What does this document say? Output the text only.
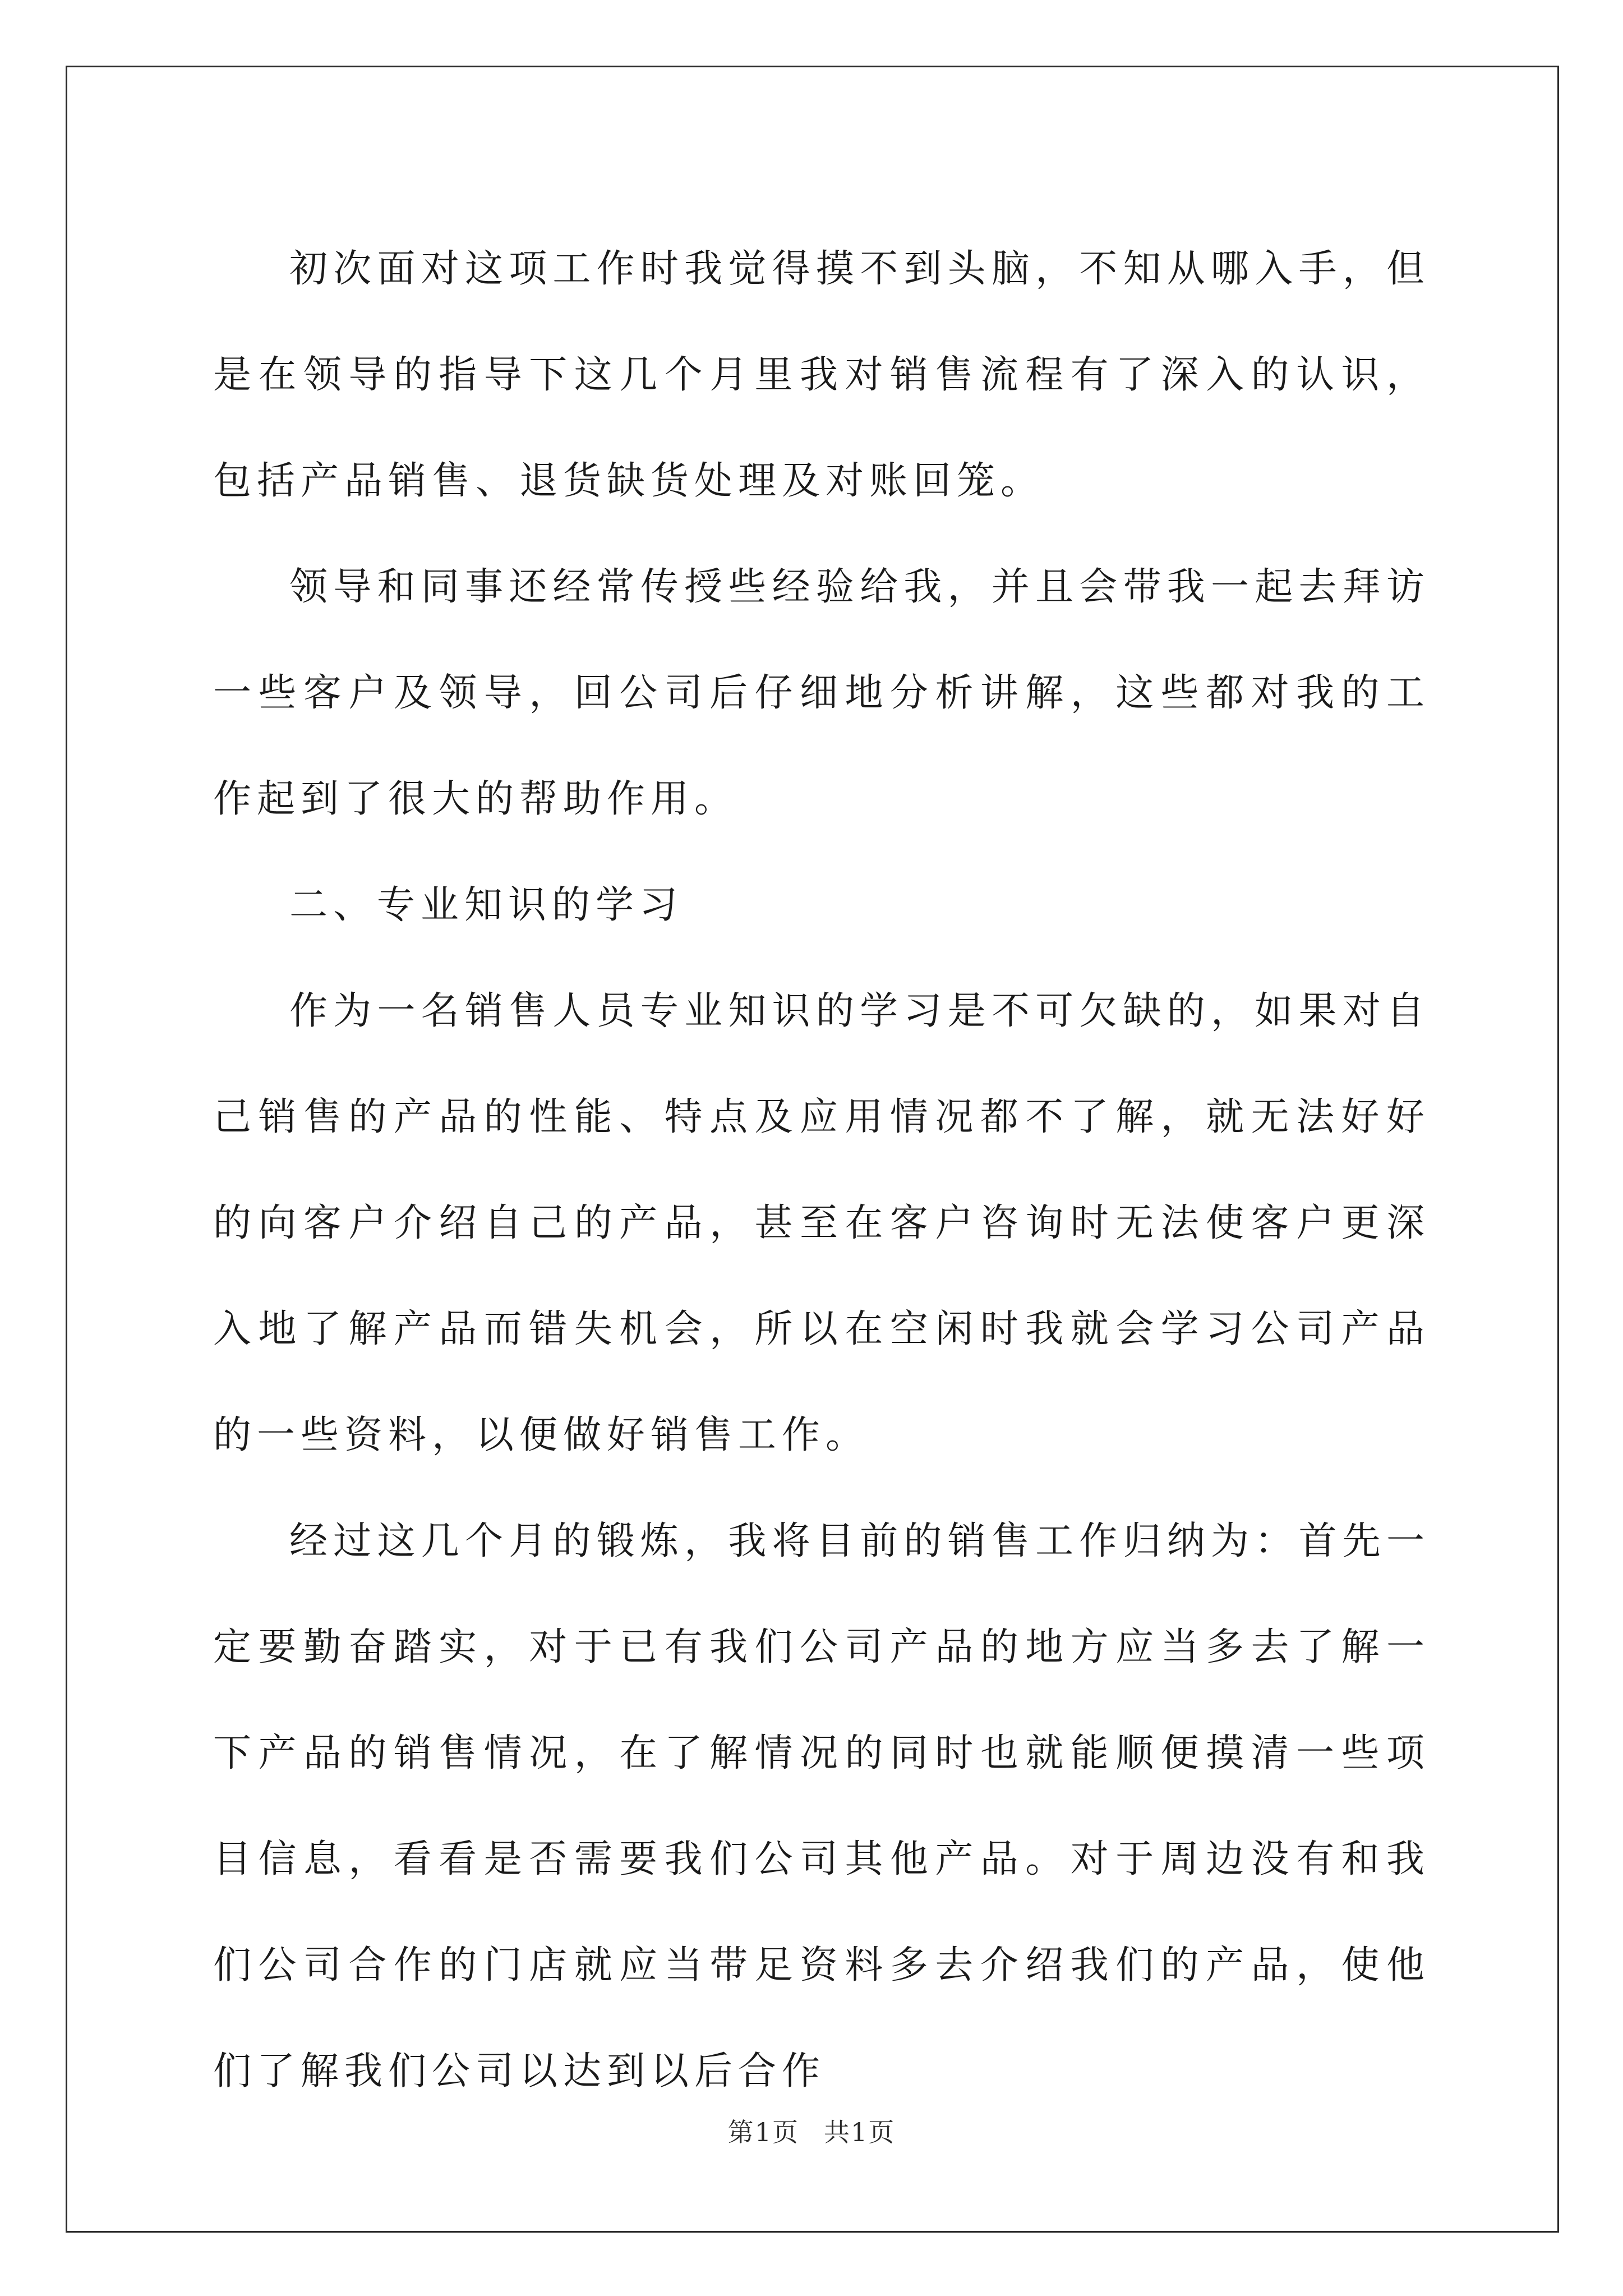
初次面对这项工作时我觉得摸不到头脑，不知从哪入手，但是在领导的指导下这几个月里我对销售流程有了深入的认识，包括产品销售、退货缺货处理及对账回笼。

领导和同事还经常传授些经验给我，并且会带我一起去拜访一些客户及领导，回公司后仔细地分析讲解，这些都对我的工作起到了很大的帮助作用。

二、专业知识的学习

作为一名销售人员专业知识的学习是不可欠缺的，如果对自己销售的产品的性能、特点及应用情况都不了解，就无法好好的向客户介绍自己的产品，甚至在客户咨询时无法使客户更深入地了解产品而错失机会，所以在空闲时我就会学习公司产品的一些资料，以便做好销售工作。

经过这几个月的锻炼，我将目前的销售工作归纳为：首先一定要勤奋踏实，对于已有我们公司产品的地方应当多去了解一下产品的销售情况，在了解情况的同时也就能顺便摸清一些项目信息，看看是否需要我们公司其他产品。对于周边没有和我们公司合作的门店就应当带足资料多去介绍我们的产品，使他们了解我们公司以达到以后合作

第1页 共1页
